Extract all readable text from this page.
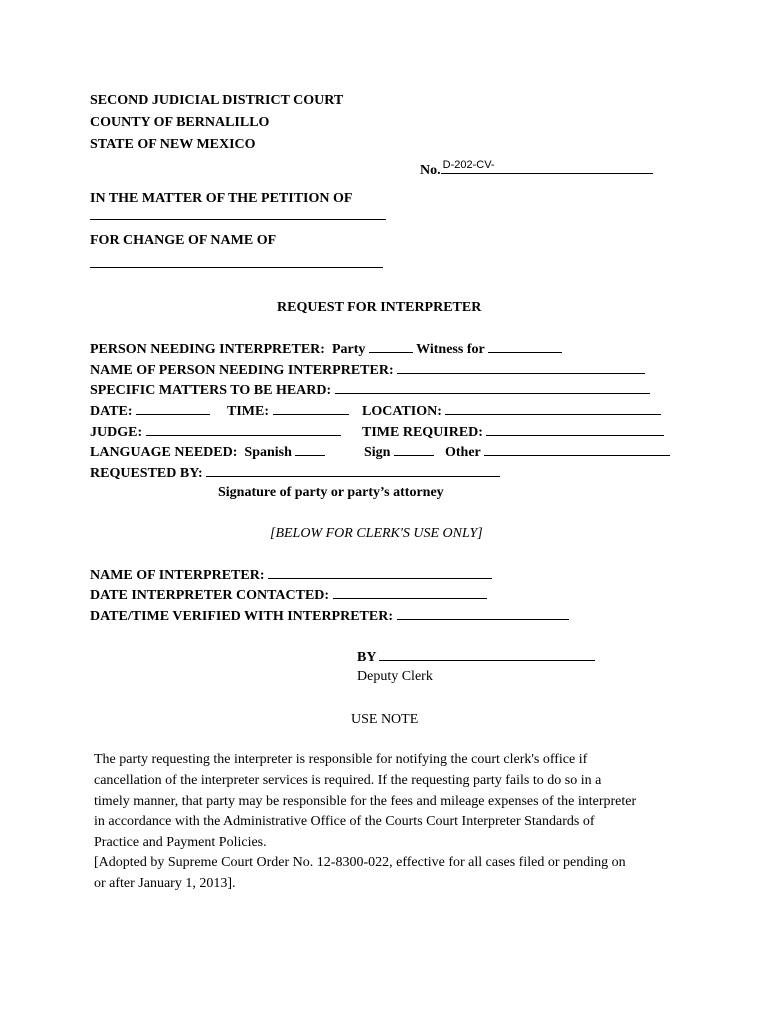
SECOND JUDICIAL DISTRICT COURT
COUNTY OF BERNALILLO
STATE OF NEW MEXICO
No. D-202-CV-
IN THE MATTER OF THE PETITION OF
FOR CHANGE OF NAME OF
REQUEST FOR INTERPRETER
PERSON NEEDING INTERPRETER: Party	Witness for
NAME OF PERSON NEEDING INTERPRETER:
SPECIFIC MATTERS TO BE HEARD:
DATE:	TIME:	LOCATION:
JUDGE:	TIME REQUIRED:
LANGUAGE NEEDED: Spanish	Sign	Other
REQUESTED BY:
Signature of party or party’s attorney
[BELOW FOR CLERK'S USE ONLY]
NAME OF INTERPRETER:
DATE INTERPRETER CONTACTED:
DATE/TIME VERIFIED WITH INTERPRETER:
BY
Deputy Clerk
USE NOTE
The party requesting the interpreter is responsible for notifying the court clerk's office if
cancellation of the interpreter services is required. If the requesting party fails to do so in a
timely manner, that party may be responsible for the fees and mileage expenses of the interpreter
in accordance with the Administrative Office of the Courts Court Interpreter Standards of
Practice and Payment Policies.
[Adopted by Supreme Court Order No. 12-8300-022, effective for all cases filed or pending on
or after January 1, 2013].
